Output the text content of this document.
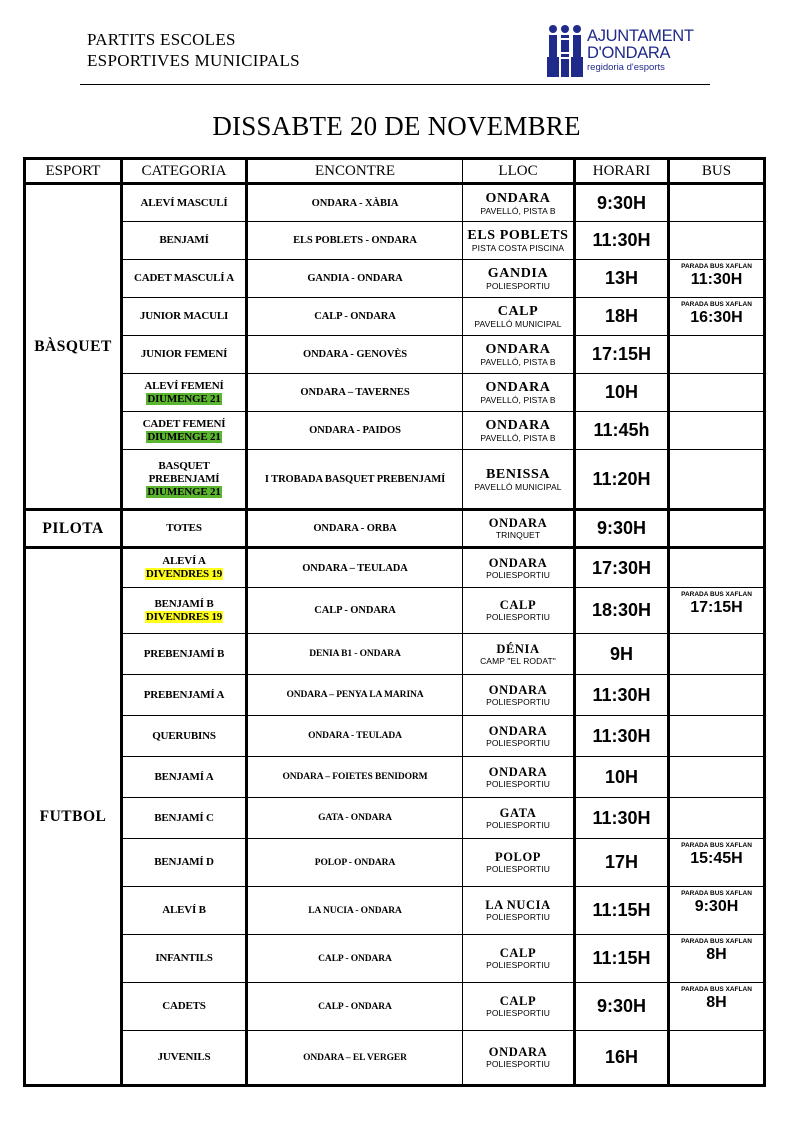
PARTITS ESCOLES
ESPORTIVES MUNICIPALS
AJUNTAMENT
D'ONDARA
regidoria d'esports
DISSABTE 20 DE NOVEMBRE
ESPORT	CATEGORIA	ENCONTRE	LLOC	HORARI	BUS
BÀSQUET	ALEVÍ MASCULÍ	ONDARA - XÀBIA	ONDARA
PAVELLÓ, PISTA B	9:30H	
	BENJAMÍ	ELS POBLETS - ONDARA	ELS POBLETS
PISTA COSTA PISCINA	11:30H	
	CADET MASCULÍ A	GANDIA - ONDARA	GANDIA
POLIESPORTIU	13H	PARADA BUS XAFLAN
11:30H

	JUNIOR MACULI	CALP - ONDARA	CALP
PAVELLÓ MUNICIPAL	18H	PARADA BUS XAFLAN
16:30H

	JUNIOR FEMENÍ	ONDARA - GENOVÈS	ONDARA
PAVELLÓ, PISTA B	17:15H	
	ALEVÍ FEMENÍ
DIUMENGE 21	ONDARA – TAVERNES	ONDARA
PAVELLÓ, PISTA B	10H	
	CADET FEMENÍ
DIUMENGE 21	ONDARA - PAIDOS	ONDARA
PAVELLÓ, PISTA B	11:45h	
	BASQUET
PREBENJAMÍ
DIUMENGE 21	I TROBADA BASQUET PREBENJAMÍ	BENISSA
PAVELLÓ MUNICIPAL	11:20H	
PILOTA	TOTES	ONDARA - ORBA	ONDARA
TRINQUET	9:30H	
FUTBOL	ALEVÍ A
DIVENDRES 19	ONDARA – TEULADA	ONDARA
POLIESPORTIU	17:30H	
	BENJAMÍ B
DIVENDRES 19	CALP - ONDARA	CALP
POLIESPORTIU	18:30H	PARADA BUS XAFLAN
17:15H

	PREBENJAMÍ B	DENIA B1 - ONDARA	DÉNIA
CAMP "EL RODAT"	9H	
	PREBENJAMÍ A	ONDARA – PENYA LA MARINA	ONDARA
POLIESPORTIU	11:30H	
	QUERUBINS	ONDARA - TEULADA	ONDARA
POLIESPORTIU	11:30H	
	BENJAMÍ A	ONDARA – FOIETES BENIDORM	ONDARA
POLIESPORTIU	10H	
	BENJAMÍ C	GATA - ONDARA	GATA
POLIESPORTIU	11:30H	
	BENJAMÍ D	POLOP - ONDARA	POLOP
POLIESPORTIU	17H	PARADA BUS XAFLAN
15:45H

	ALEVÍ B	LA NUCIA - ONDARA	LA NUCIA
POLIESPORTIU	11:15H	PARADA BUS XAFLAN
9:30H

	INFANTILS	CALP - ONDARA	CALP
POLIESPORTIU	11:15H	PARADA BUS XAFLAN
8H

	CADETS	CALP - ONDARA	CALP
POLIESPORTIU	9:30H	PARADA BUS XAFLAN
8H

	JUVENILS	ONDARA – EL VERGER	ONDARA
POLIESPORTIU	16H	
